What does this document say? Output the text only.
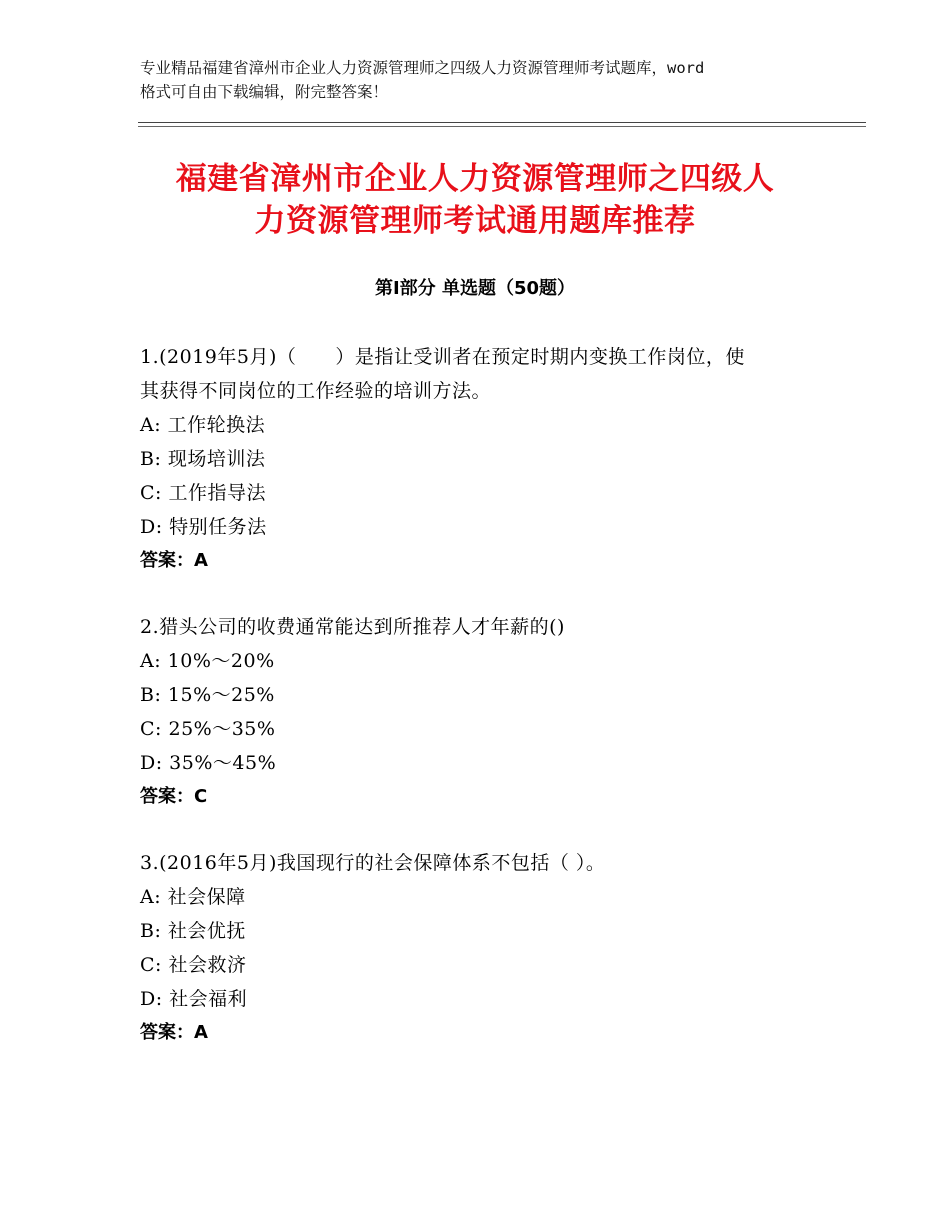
专业精品福建省漳州市企业人力资源管理师之四级人力资源管理师考试题库，word
格式可自由下载编辑，附完整答案！
福建省漳州市企业人力资源管理师之四级人
力资源管理师考试通用题库推荐
第Ⅰ部分 单选题（50题）
1.(2019年5月)（　　）是指让受训者在预定时期内变换工作岗位，使
其获得不同岗位的工作经验的培训方法。
A: 工作轮换法
B: 现场培训法
C: 工作指导法
D: 特别任务法
答案：A
2.猎头公司的收费通常能达到所推荐人才年薪的()
A: 10%～20%
B: 15%～25%
C: 25%～35%
D: 35%～45%
答案：C
3.(2016年5月)我国现行的社会保障体系不包括（ ）。
A: 社会保障
B: 社会优抚
C: 社会救济
D: 社会福利
答案：A
